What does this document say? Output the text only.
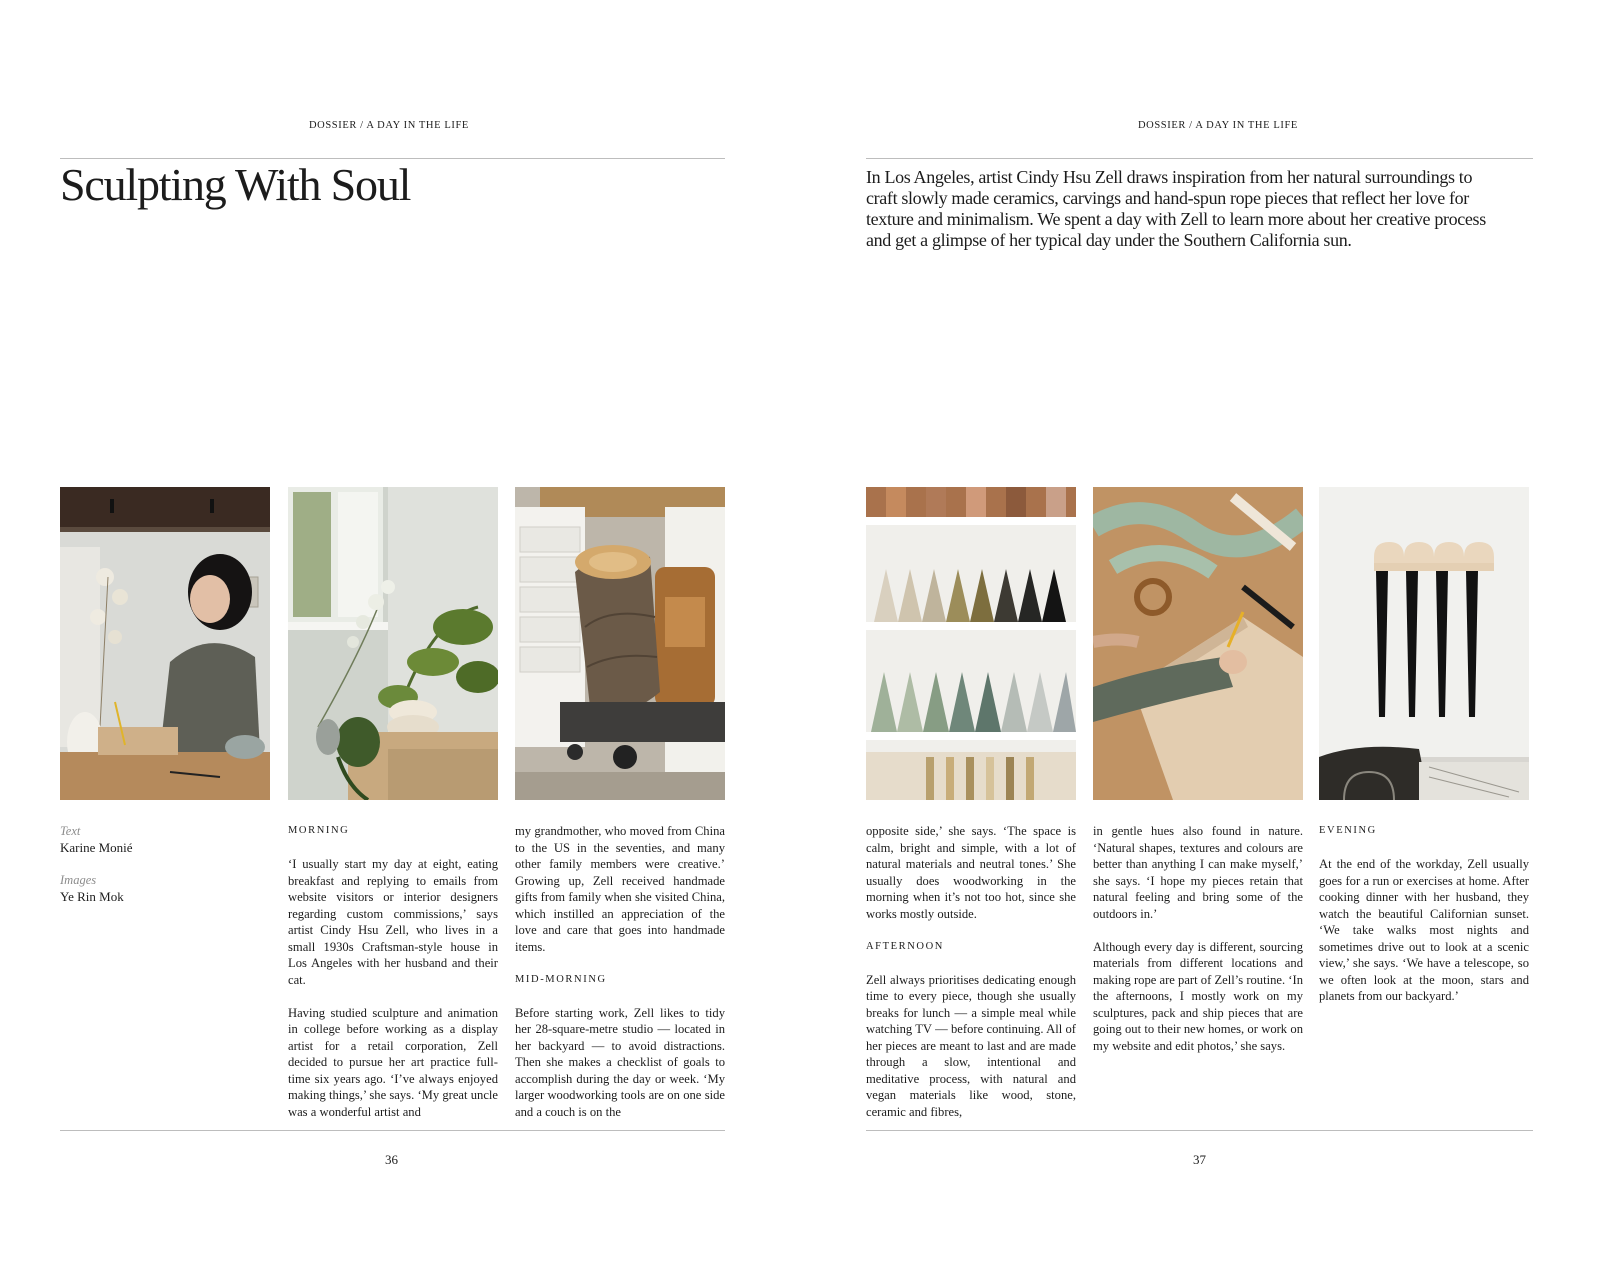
DOSSIER / A DAY IN THE LIFE
Sculpting With Soul
Text
Karine Monié
Images
Ye Rin Mok
MORNING

‘I usually start my day at eight, eating breakfast and replying to emails from website visitors or interior designers regarding custom commissions,’ says artist Cindy Hsu Zell, who lives in a small 1930s Craftsman-style house in Los Angeles with her husband and their cat.

Having studied sculpture and animation in college before working as a display artist for a retail corporation, Zell decided to pursue her art practice full-time six years ago. ‘I’ve always enjoyed making things,’ she says. ‘My great uncle was a wonderful artist and

my grandmother, who moved from China to the US in the seventies, and many other family members were creative.’ Growing up, Zell received handmade gifts from family when she visited China, which instilled an appreciation of the love and care that goes into handmade items.

MID-MORNING

Before starting work, Zell likes to tidy her 28-square-metre studio — located in her backyard — to avoid distractions. Then she makes a checklist of goals to accomplish during the day or week. ‘My larger woodworking tools are on one side and a couch is on the

36
DOSSIER / A DAY IN THE LIFE

In Los Angeles, artist Cindy Hsu Zell draws inspiration from her natural surroundings to craft slowly made ceramics, carvings and hand-spun rope pieces that reflect her love for texture and minimalism. We spent a day with Zell to learn more about her creative process and get a glimpse of her typical day under the Southern California sun.

opposite side,’ she says. ‘The space is calm, bright and simple, with a lot of natural materials and neutral tones.’ She usually does woodworking in the morning when it’s not too hot, since she works mostly outside.

AFTERNOON

Zell always prioritises dedicating enough time to every piece, though she usually breaks for lunch — a simple meal while watching TV — before continuing. All of her pieces are meant to last and are made through a slow, intentional and meditative process, with natural and vegan materials like wood, stone, ceramic and fibres,

in gentle hues also found in nature. ‘Natural shapes, textures and colours are better than anything I can make myself,’ she says. ‘I hope my pieces retain that natural feeling and bring some of the outdoors in.’

Although every day is different, sourcing materials from different locations and making rope are part of Zell’s routine. ‘In the afternoons, I mostly work on my sculptures, pack and ship pieces that are going out to their new homes, or work on my website and edit photos,’ she says.

EVENING

At the end of the workday, Zell usually goes for a run or exercises at home. After cooking dinner with her husband, they watch the beautiful Californian sunset. ‘We take walks most nights and sometimes drive out to look at a scenic view,’ she says. ‘We have a telescope, so we often look at the moon, stars and planets from our backyard.’

37
